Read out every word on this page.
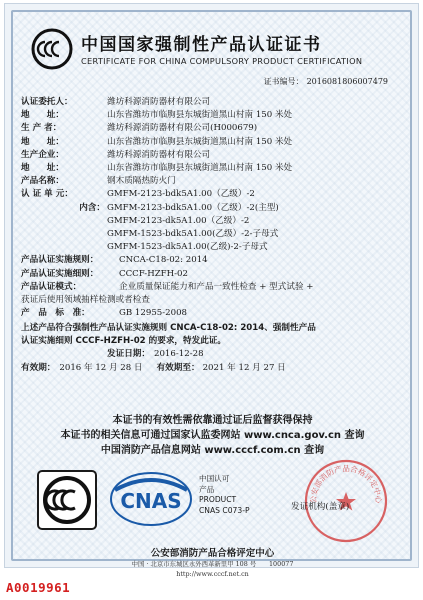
中国国家强制性产品认证证书
CERTIFICATE FOR CHINA COMPULSORY PRODUCT CERTIFICATION
证书编号： 2016081806007479
认证委托人：	潍坊科源消防器材有限公司
地　　址：	山东省潍坊市临朐县东城街道黑山村南 150 米处
生 产 者：	潍坊科源消防器材有限公司(H000679)
地　　址：	山东省潍坊市临朐县东城街道黑山村南 150 米处
生产企业：	潍坊科源消防器材有限公司
地　　址：	山东省潍坊市临朐县东城街道黑山村南 150 米处
产品名称：	钢木质隔热防火门
认 证 单 元：	GMFM-2123-bdk5A1.00（乙级）-2
内含： GMFM-2123-bdk5A1.00（乙级）-2(主型)
GMFM-2123-dk5A1.00（乙级）-2
GMFM-1523-bdk5A1.00(乙级）-2-子母式
GMFM-1523-dk5A1.00(乙级)-2-子母式
产品认证实施规则：	CNCA-C18-02: 2014
产品认证实施细则：	CCCF-HZFH-02
产品认证模式：	企业质量保证能力和产品一致性检查 + 型式试验 +
获证后使用领域抽样检测或者检查
产　品　标　准：	GB 12955-2008
上述产品符合强制性产品认证实施规则 CNCA-C18-02: 2014、强制性产品
认证实施细则 CCCF-HZFH-02 的要求，特发此证。
发证日期： 2016-12-28
有效期： 2016 年 12 月 28 日 有效期至： 2021 年 12 月 27 日
本证书的有效性需依靠通过证后监督获得保持
本证书的相关信息可通过国家认监委网站 www.cnca.gov.cn 查询
中国消防产品信息网站 www.cccf.com.cn 查询
CNAS
中国认可
产品
PRODUCT
CNAS C073-P
公安部消防产品合格评定中心
发证机构(盖章)
公安部消防产品合格评定中心
中国 · 北京市东城区永外西革新里甲 108 号　　100077
http://www.cccf.net.cn
A0019961
